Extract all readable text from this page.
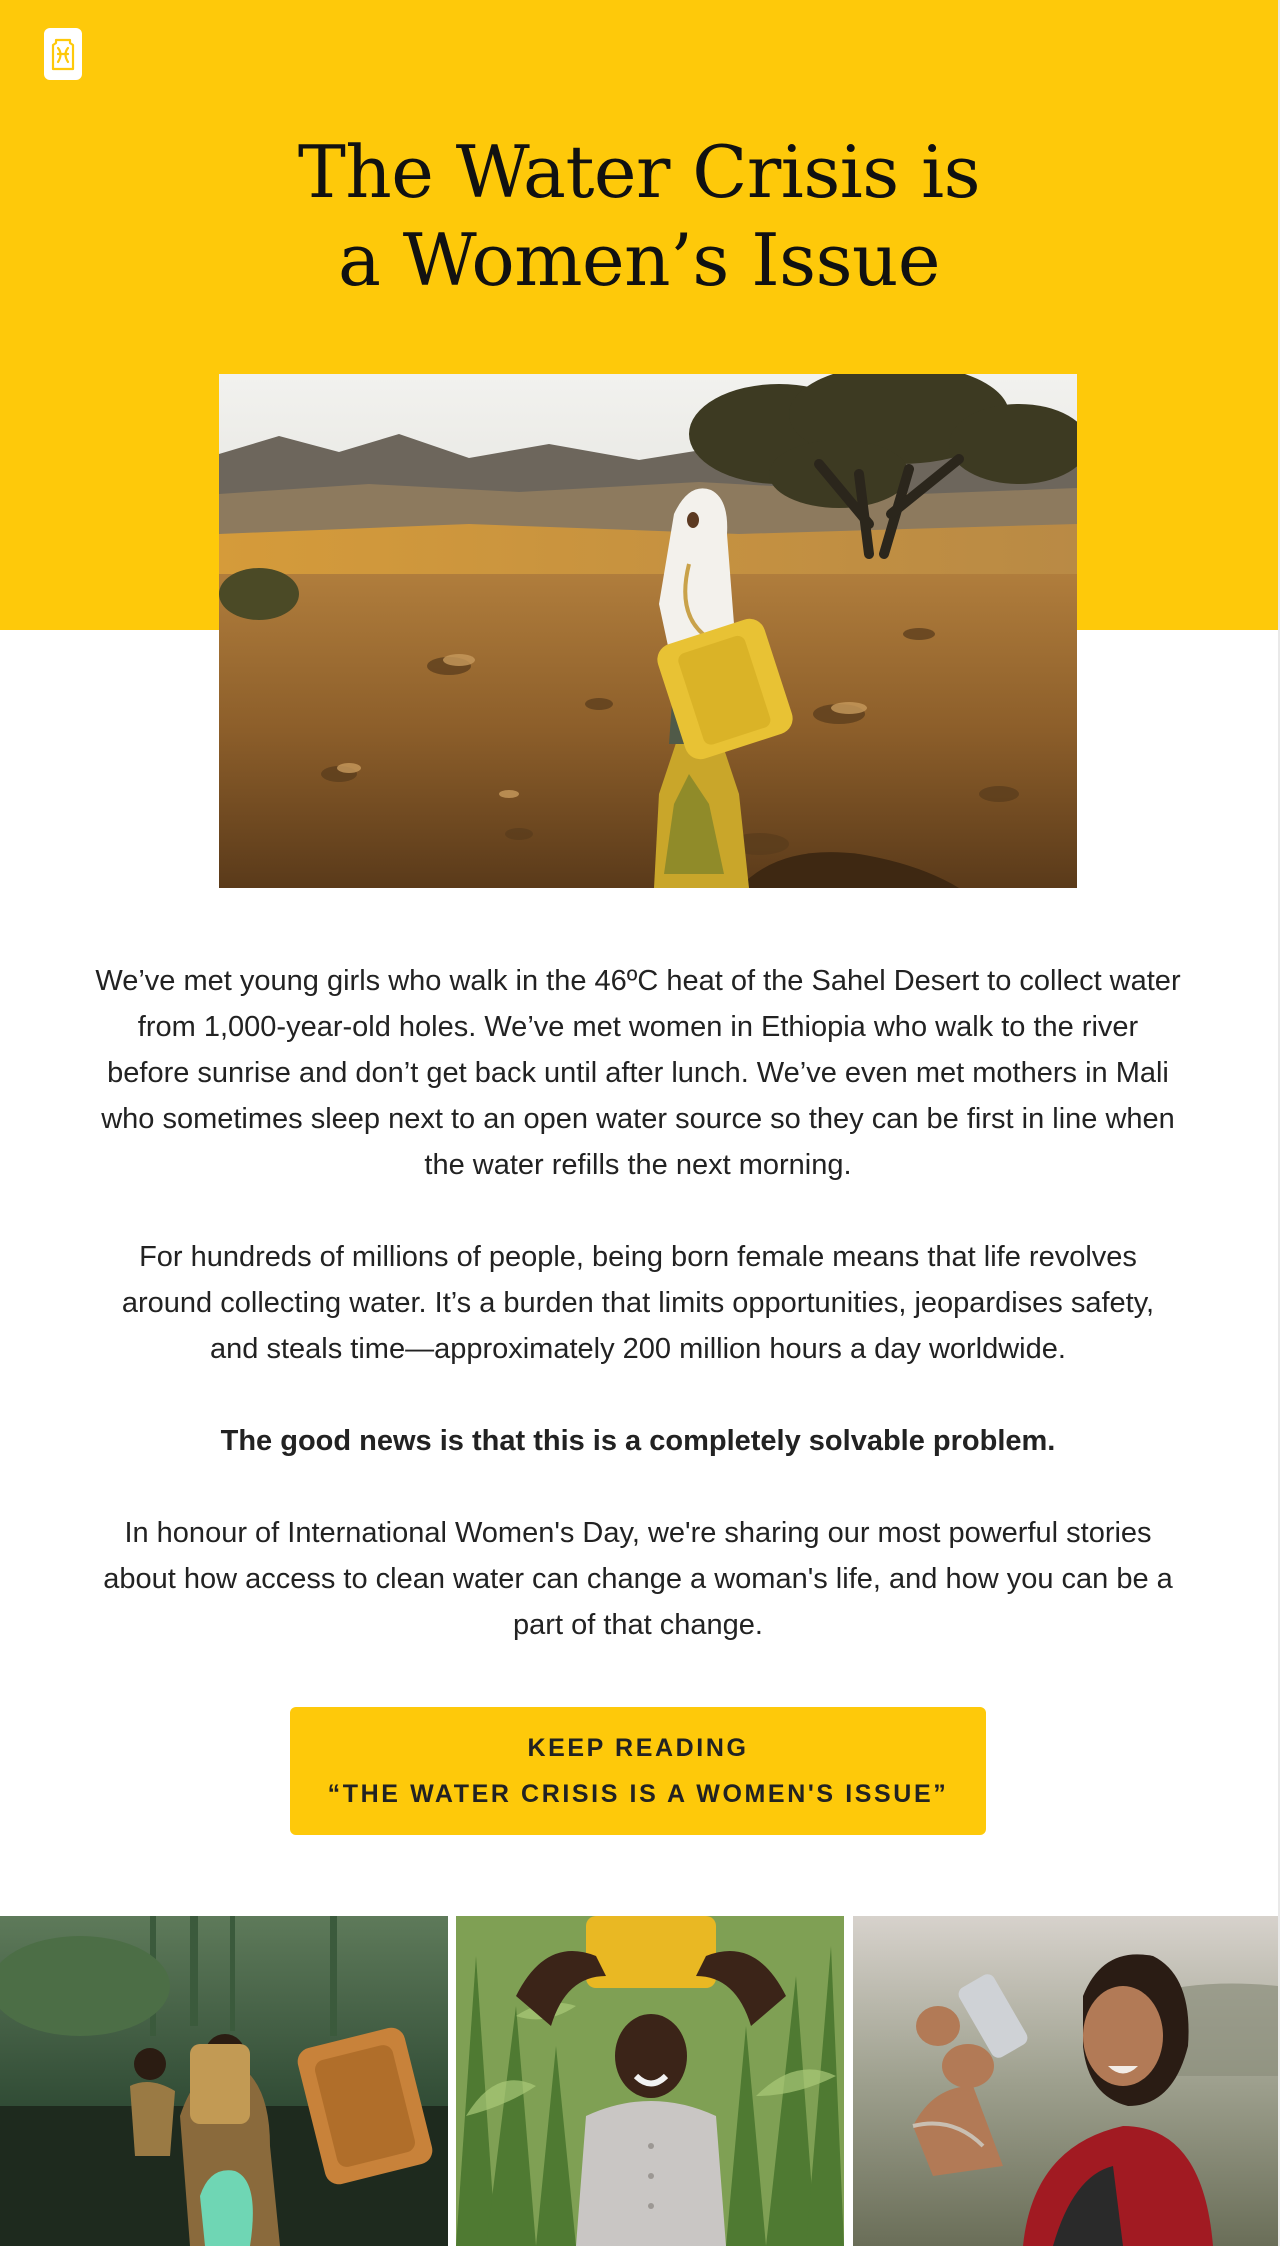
The Water Crisis is
a Women’s Issue

We’ve met young girls who walk in the 46ºC heat of the Sahel Desert to collect water from 1,000-year-old holes. We’ve met women in Ethiopia who walk to the river before sunrise and don’t get back until after lunch. We’ve even met mothers in Mali who sometimes sleep next to an open water source so they can be first in line when the water refills the next morning.

For hundreds of millions of people, being born female means that life revolves around collecting water. It’s a burden that limits opportunities, jeopardises safety, and steals time—approximately 200 million hours a day worldwide.

The good news is that this is a completely solvable problem.

In honour of International Women's Day, we're sharing our most powerful stories about how access to clean water can change a woman's life, and how you can be a part of that change.

KEEP READING
“THE WATER CRISIS IS A WOMEN'S ISSUE”
